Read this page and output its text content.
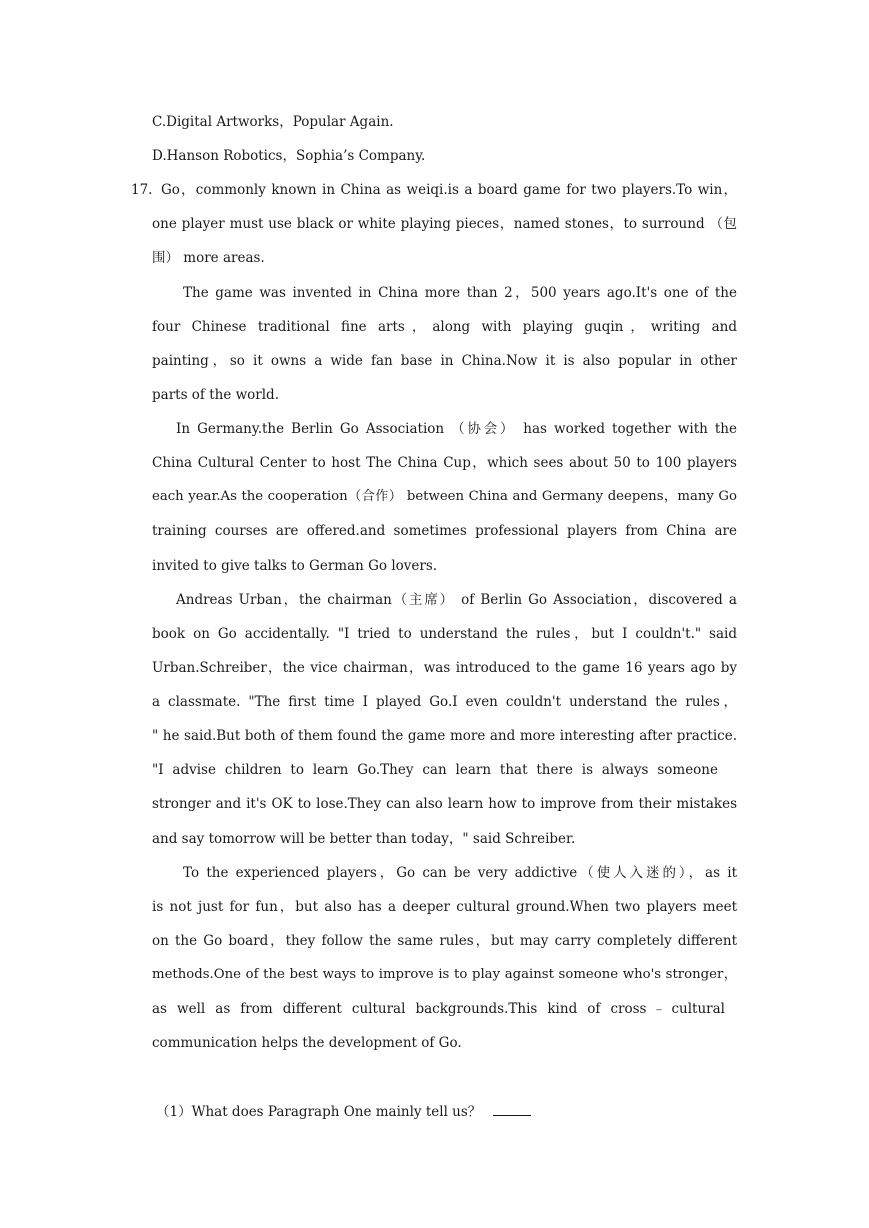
C.Digital Artworks，Popular Again.
D.Hanson Robotics，Sophia’s Company.
17. Go，commonly known in China as weiqi.is a board game for two players.To win，
one player must use black or white playing pieces，named stones，to surround （包
围） more areas.
The game was invented in China more than 2，500 years ago.It's one of the
four Chinese traditional fine arts，along with playing guqin，writing and
painting，so it owns a wide fan base in China.Now it is also popular in other
parts of the world.
In Germany.the Berlin Go Association （协会） has worked together with the
China Cultural Center to host The China Cup，which sees about 50 to 100 players
each year.As the cooperation（合作） between China and Germany deepens，many Go
training courses are offered.and sometimes professional players from China are
invited to give talks to German Go lovers.
Andreas Urban，the chairman（主席） of Berlin Go Association，discovered a
book on Go accidentally. "I tried to understand the rules，but I couldn't." said
Urban.Schreiber，the vice chairman，was introduced to the game 16 years ago by
a classmate. "The first time I played Go.I even couldn't understand the rules，
" he said.But both of them found the game more and more interesting after practice.
"I advise children to learn Go.They can learn that there is always someone
stronger and it's OK to lose.They can also learn how to improve from their mistakes
and say tomorrow will be better than today，" said Schreiber.
To the experienced players，Go can be very addictive（使人入迷的），as it
is not just for fun，but also has a deeper cultural ground.When two players meet
on the Go board，they follow the same rules，but may carry completely different
methods.One of the best ways to improve is to play against someone who's stronger，
as well as from different cultural backgrounds.This kind of cross﹣cultural
communication helps the development of Go.
（1）What does Paragraph One mainly tell us？
